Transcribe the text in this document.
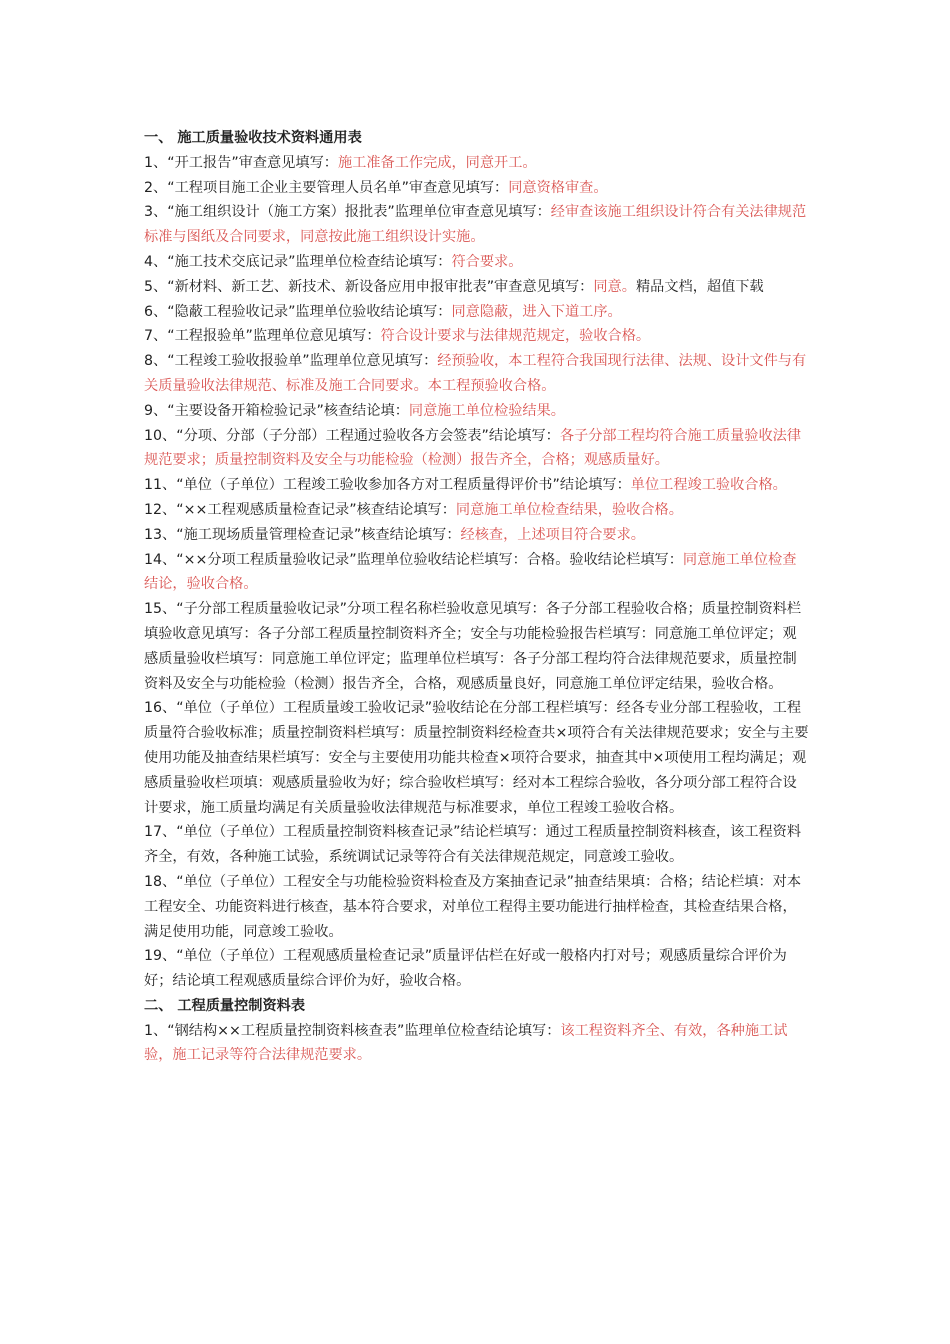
一、 施工质量验收技术资料通用表

1、“开工报告”审查意见填写：施工准备工作完成，同意开工。

2、“工程项目施工企业主要管理人员名单”审查意见填写：同意资格审查。

3、“施工组织设计（施工方案）报批表”监理单位审查意见填写：经审查该施工组织设计符合有关法律规范标准与图纸及合同要求，同意按此施工组织设计实施。

4、“施工技术交底记录”监理单位检查结论填写：符合要求。

5、“新材料、新工艺、新技术、新设备应用申报审批表”审查意见填写：同意。精品文档，超值下载

6、“隐蔽工程验收记录”监理单位验收结论填写：同意隐蔽，进入下道工序。

7、“工程报验单”监理单位意见填写：符合设计要求与法律规范规定，验收合格。

8、“工程竣工验收报验单”监理单位意见填写：经预验收，本工程符合我国现行法律、法规、设计文件与有关质量验收法律规范、标准及施工合同要求。本工程预验收合格。

9、“主要设备开箱检验记录”核查结论填：同意施工单位检验结果。

10、“分项、分部（子分部）工程通过验收各方会签表”结论填写：各子分部工程均符合施工质量验收法律规范要求；质量控制资料及安全与功能检验（检测）报告齐全，合格；观感质量好。

11、“单位（子单位）工程竣工验收参加各方对工程质量得评价书”结论填写：单位工程竣工验收合格。

12、“××工程观感质量检查记录”核查结论填写：同意施工单位检查结果，验收合格。

13、“施工现场质量管理检查记录”核查结论填写：经核查，上述项目符合要求。

14、“××分项工程质量验收记录”监理单位验收结论栏填写：合格。验收结论栏填写：同意施工单位检查结论，验收合格。

15、“子分部工程质量验收记录”分项工程名称栏验收意见填写：各子分部工程验收合格；质量控制资料栏填验收意见填写：各子分部工程质量控制资料齐全；安全与功能检验报告栏填写：同意施工单位评定；观感质量验收栏填写：同意施工单位评定；监理单位栏填写：各子分部工程均符合法律规范要求，质量控制资料及安全与功能检验（检测）报告齐全，合格，观感质量良好，同意施工单位评定结果，验收合格。

16、“单位（子单位）工程质量竣工验收记录”验收结论在分部工程栏填写：经各专业分部工程验收，工程质量符合验收标准；质量控制资料栏填写：质量控制资料经检查共×项符合有关法律规范要求；安全与主要使用功能及抽查结果栏填写：安全与主要使用功能共检查×项符合要求，抽查其中×项使用工程均满足；观感质量验收栏项填：观感质量验收为好；综合验收栏填写：经对本工程综合验收，各分项分部工程符合设计要求，施工质量均满足有关质量验收法律规范与标准要求，单位工程竣工验收合格。

17、“单位（子单位）工程质量控制资料核查记录”结论栏填写：通过工程质量控制资料核查，该工程资料齐全，有效，各种施工试验，系统调试记录等符合有关法律规范规定，同意竣工验收。

18、“单位（子单位）工程安全与功能检验资料检查及方案抽查记录”抽查结果填：合格；结论栏填：对本工程安全、功能资料进行核查，基本符合要求，对单位工程得主要功能进行抽样检查，其检查结果合格，满足使用功能，同意竣工验收。

19、“单位（子单位）工程观感质量检查记录”质量评估栏在好或一般格内打对号；观感质量综合评价为好；结论填工程观感质量综合评价为好，验收合格。

二、 工程质量控制资料表

1、“钢结构××工程质量控制资料核查表”监理单位检查结论填写：该工程资料齐全、有效，各种施工试验，施工记录等符合法律规范要求。
